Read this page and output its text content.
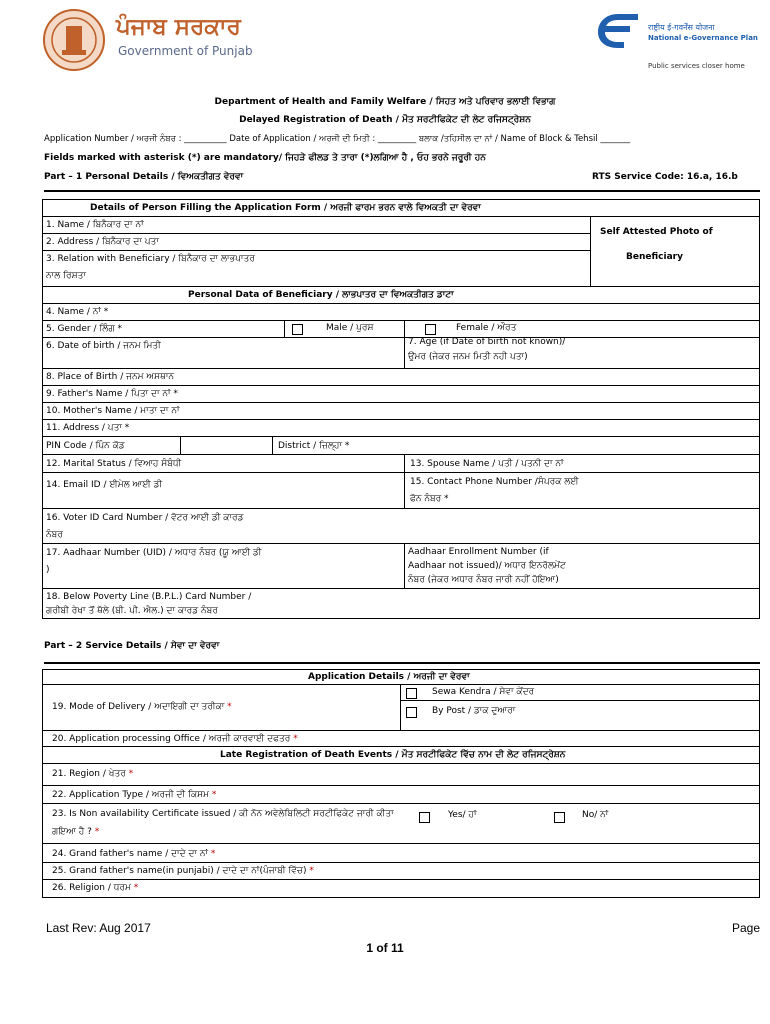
ਪੰਜਾਬ ਸਰਕਾਰ
Government of Punjab
राष्ट्रीय ई-गवर्नेंस योजना
National e-Governance Plan
Public services closer home
Department of Health and Family Welfare / ਸਿਹਤ ਅਤੇ ਪਰਿਵਾਰ ਭਲਾਈ ਵਿਭਾਗ
Delayed Registration of Death / ਮੌਤ ਸਰਟੀਫਿਕੇਟ ਦੀ ਲੇਟ ਰਜਿਸਟ੍ਰੇਸ਼ਨ
Application Number / ਅਰਜੀ ਨੰਬਰ : __________ Date of Application / ਅਰਜੀ ਦੀ ਮਿਤੀ : _________ ਬਲਾਕ /ਤਹਿਸੀਲ ਦਾ ਨਾਂ / Name of Block & Tehsil _______
Fields marked with asterisk (*) are mandatory/ ਜਿਹੜੇ ਫੀਲਡ ਤੇ ਤਾਰਾ (*)ਲਗਿਆ ਹੈ , ਓਹ ਭਰਨੇ ਜਰੂਰੀ ਹਨ
Part – 1 Personal Details / ਵਿਅਕਤੀਗਤ ਵੇਰਵਾ	RTS Service Code: 16.a, 16.b
Details of Person Filling the Application Form / ਅਰਜੀ ਫਾਰਮ ਭਰਨ ਵਾਲੇ ਵਿਅਕਤੀ ਦਾ ਵੇਰਵਾ
1. Name / ਬਿਨੈਕਾਰ ਦਾ ਨਾਂ
2. Address / ਬਿਨੈਕਾਰ ਦਾ ਪਤਾ
3. Relation with Beneficiary / ਬਿਨੈਕਾਰ ਦਾ ਲਾਭਪਾਤਰ ਨਾਲ ਰਿਸ਼ਤਾ
Self Attested Photo of
Beneficiary
Personal Data of Beneficiary / ਲਾਭਪਾਤਰ ਦਾ ਵਿਅਕਤੀਗਤ ਡਾਟਾ
4. Name / ਨਾਂ *
5. Gender / ਲਿੰਗ *	Male / ਪੁਰਸ਼	Female / ਔਰਤ
6. Date of birth / ਜਨਮ ਮਿਤੀ	7. Age (if Date of birth not known)/ ਉਮਰ (ਜੇਕਰ ਜਨਮ ਮਿਤੀ ਨਹੀ ਪਤਾ)
8. Place of Birth / ਜਨਮ ਅਸਥਾਨ
9. Father's Name / ਪਿਤਾ ਦਾ ਨਾਂ *
10. Mother's Name / ਮਾਤਾ ਦਾ ਨਾਂ
11. Address / ਪਤਾ *
PIN Code / ਪਿੰਨ ਕੋਡ	District / ਜ਼ਿਲ੍ਹਾ *
12. Marital Status / ਵਿਆਹ ਸੰਬੰਧੀ	13. Spouse Name / ਪਤੀ / ਪਤਨੀ ਦਾ ਨਾਂ
14. Email ID / ਈਮੇਲ ਆਈ ਡੀ	15. Contact Phone Number /ਸੰਪਰਕ ਲਈ ਫੋਨ ਨੰਬਰ *
16. Voter ID Card Number / ਵੋਟਰ ਆਈ ਡੀ ਕਾਰਡ ਨੰਬਰ
17. Aadhaar Number (UID) / ਅਧਾਰ ਨੰਬਰ (ਯੂ ਆਈ ਡੀ )
Aadhaar Enrollment Number (if Aadhaar not issued)/ ਅਧਾਰ ਇਨਰੋਲਮੇਂਟ ਨੰਬਰ (ਜੇਕਰ ਅਧਾਰ ਨੰਬਰ ਜਾਰੀ ਨਹੀਂ ਹੋਇਆ)
18. Below Poverty Line (B.P.L.) Card Number / ਗਰੀਬੀ ਰੇਖਾ ਤੋਂ ਥੱਲੇ (ਬੀ. ਪੀ. ਐਲ.) ਦਾ ਕਾਰਡ ਨੰਬਰ
Part – 2 Service Details / ਸੇਵਾ ਦਾ ਵੇਰਵਾ
Application Details / ਅਰਜੀ ਦਾ ਵੇਰਵਾ
19. Mode of Delivery / ਅਦਾਇਗੀ ਦਾ ਤਰੀਕਾ *
Sewa Kendra / ਸੇਵਾ ਕੇਂਦਰ
By Post / ਡਾਕ ਦੁਆਰਾ
20. Application processing Office / ਅਰਜੀ ਕਾਰਵਾਈ ਦਫਤਰ *
Late Registration of Death Events / ਮੌਤ ਸਰਟੀਫਿਕੇਟ ਵਿੱਚ ਨਾਮ ਦੀ ਲੇਟ ਰਜਿਸਟ੍ਰੇਸ਼ਨ
21. Region / ਖੇਤਰ *
22. Application Type / ਅਰਜੀ ਦੀ ਕਿਸਮ *
23. Is Non availability Certificate issued / ਕੀ ਨੋਨ ਅਵੇਲੇਬਿਲਿਟੀ ਸਰਟੀਫਿਕੇਟ ਜਾਰੀ ਕੀਤਾ ਗਇਆ ਹੈ ? *
Yes/ ਹਾਂ	No/ ਨਾਂ
24. Grand father's name / ਦਾਦੇ ਦਾ ਨਾਂ *
25. Grand father's name(in punjabi) / ਦਾਦੇ ਦਾ ਨਾਂ(ਪੰਜਾਬੀ ਵਿੱਚ) *
26. Religion / ਧਰਮ *
Last Rev: Aug 2017	Page
1 of 11
